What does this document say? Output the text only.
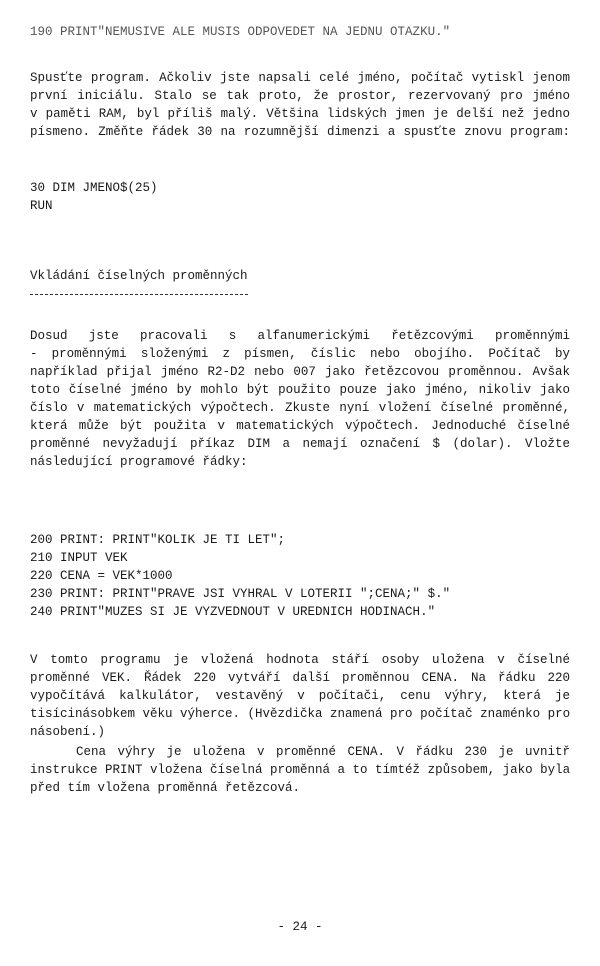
190 PRINT"NEMUSIVE ALE MUSIS ODPOVEDET NA JEDNU OTAZKU."
Spusťte program. Ačkoliv jste napsali celé jméno, počítač vytiskl jenom
první iniciálu. Stalo se tak proto, že prostor, rezervovaný pro jméno
v paměti RAM, byl příliš malý. Většina lidských jmen je delší než jedno
písmeno. Změňte řádek 30 na rozumnější dimenzi a spusťte znovu program:
30 DIM JMENO$(25)
RUN
Vkládání číselných proměnných
Dosud jste pracovali s alfanumerickými řetězcovými proměnnými
- proměnnými složenými z písmen, číslic nebo obojího. Počítač by
například přijal jméno R2-D2 nebo 007 jako řetězcovou proměnnou. Avšak
toto číselné jméno by mohlo být použito pouze jako jméno, nikoliv jako
číslo v matematických výpočtech. Zkuste nyní vložení číselné proměnné,
která může být použita v matematických výpočtech. Jednoduché číselné
proměnné nevyžadují příkaz DIM a nemají označení $ (dolar). Vložte
následující programové řádky:
200 PRINT: PRINT"KOLIK JE TI LET";
210 INPUT VEK
220 CENA = VEK*1000
230 PRINT: PRINT"PRAVE JSI VYHRAL V LOTERII ";CENA;" $."
240 PRINT"MUZES SI JE VYZVEDNOUT V UREDNICH HODINACH."
V tomto programu je vložená hodnota stáří osoby uložena v číselné
proměnné VEK. Řádek 220 vytváří další proměnnou CENA. Na řádku 220
vypočítává kalkulátor, vestavěný v počítači, cenu výhry, která je
tisícinásobkem věku výherce. (Hvězdička znamená pro počítač znaménko pro
násobení.)
Cena výhry je uložena v proměnné CENA. V řádku 230 je uvnitř
instrukce PRINT vložena číselná proměnná a to tímtéž způsobem, jako byla
před tím vložena proměnná řetězcová.
- 24 -
